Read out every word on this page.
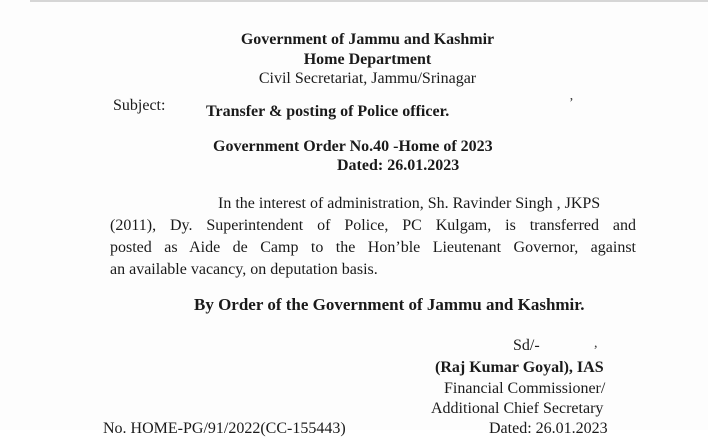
Government of Jammu and Kashmir
Home Department
Civil Secretariat, Jammu/Srinagar
Subject:	Transfer & posting of Police officer.	’
Government Order No.40 -Home of 2023
Dated: 26.01.2023
In the interest of administration, Sh. Ravinder Singh , JKPS
(2011), Dy. Superintendent of Police, PC Kulgam, is transferred and
posted as Aide de Camp to the Hon’ble Lieutenant Governor, against
an available vacancy, on deputation basis.
By Order of the Government of Jammu and Kashmir.
Sd/-	,
(Raj Kumar Goyal), IAS
Financial Commissioner/
Additional Chief Secretary
No. HOME-PG/91/2022(CC-155443)	Dated: 26.01.2023
